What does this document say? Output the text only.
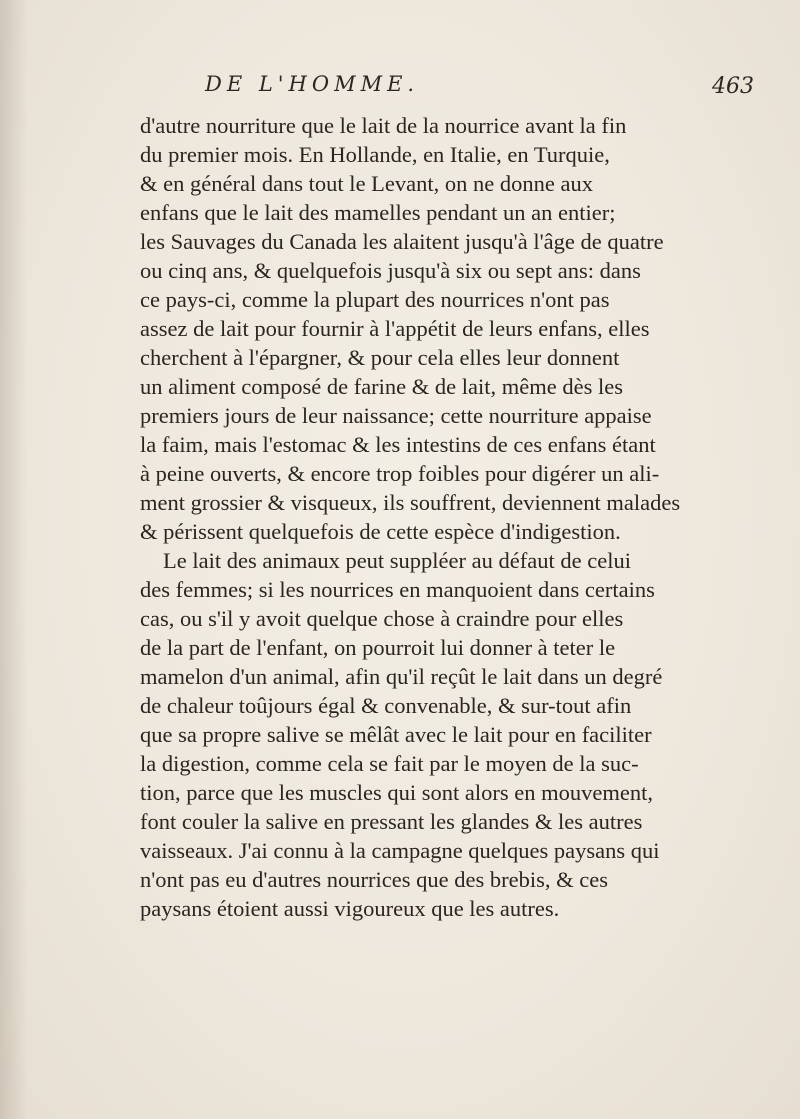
DE L'HOMME.	463
d'autre nourriture que le lait de la nourrice avant la fin
du premier mois. En Hollande, en Italie, en Turquie,
& en général dans tout le Levant, on ne donne aux
enfans que le lait des mamelles pendant un an entier;
les Sauvages du Canada les alaitent jusqu'à l'âge de quatre
ou cinq ans, & quelquefois jusqu'à six ou sept ans: dans
ce pays-ci, comme la plupart des nourrices n'ont pas
assez de lait pour fournir à l'appétit de leurs enfans, elles
cherchent à l'épargner, & pour cela elles leur donnent
un aliment composé de farine & de lait, même dès les
premiers jours de leur naissance; cette nourriture appaise
la faim, mais l'estomac & les intestins de ces enfans étant
à peine ouverts, & encore trop foibles pour digérer un ali-
ment grossier & visqueux, ils souffrent, deviennent malades
& périssent quelquefois de cette espèce d'indigestion.
Le lait des animaux peut suppléer au défaut de celui
des femmes; si les nourrices en manquoient dans certains
cas, ou s'il y avoit quelque chose à craindre pour elles
de la part de l'enfant, on pourroit lui donner à teter le
mamelon d'un animal, afin qu'il reçût le lait dans un degré
de chaleur toûjours égal & convenable, & sur-tout afin
que sa propre salive se mêlât avec le lait pour en faciliter
la digestion, comme cela se fait par le moyen de la suc-
tion, parce que les muscles qui sont alors en mouvement,
font couler la salive en pressant les glandes & les autres
vaisseaux. J'ai connu à la campagne quelques paysans qui
n'ont pas eu d'autres nourrices que des brebis, & ces
paysans étoient aussi vigoureux que les autres.
